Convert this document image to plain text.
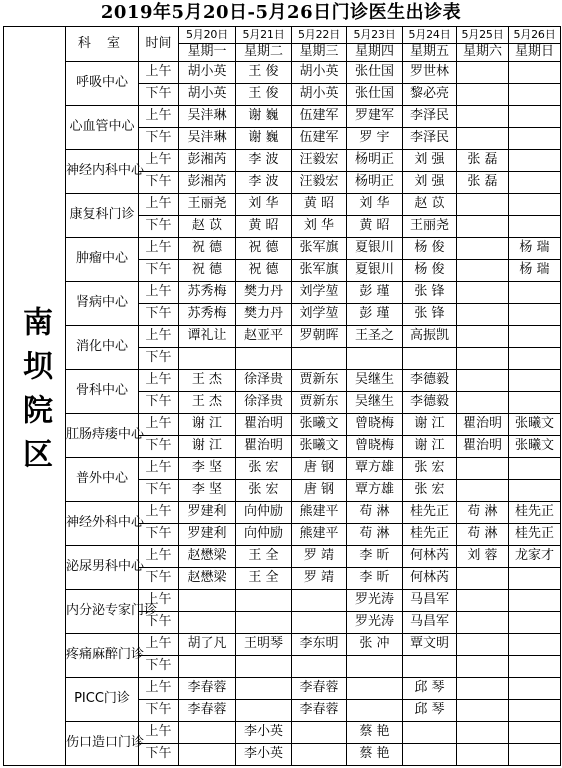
2019年5月20日-5月26日门诊医生出诊表
南坝院区	科 室	时间	5月20日	5月21日	5月22日	5月23日	5月24日	5月25日	5月26日
			星期一	星期二	星期三	星期四	星期五	星期六	星期日
	呼吸中心	上午	胡小英	王 俊	胡小英	张仕国	罗世林		
		下午	胡小英	王 俊	胡小英	张仕国	黎必亮		
	心血管中心	上午	吴沣琳	谢 巍	伍建军	罗建军	李泽民		
		下午	吴沣琳	谢 巍	伍建军	罗 宇	李泽民		
	神经内科中心	上午	彭湘芮	李 波	汪毅宏	杨明正	刘 强	张 磊	
		下午	彭湘芮	李 波	汪毅宏	杨明正	刘 强	张 磊	
	康复科门诊	上午	王丽尧	刘 华	黄 昭	刘 华	赵 苡		
		下午	赵 苡	黄 昭	刘 华	黄 昭	王丽尧		
	肿瘤中心	上午	祝 德	祝 德	张军旗	夏银川	杨 俊		杨 瑞
		下午	祝 德	祝 德	张军旗	夏银川	杨 俊		杨 瑞
	肾病中心	上午	苏秀梅	樊力丹	刘学堃	彭 瑾	张 锋		
		下午	苏秀梅	樊力丹	刘学堃	彭 瑾	张 锋		
	消化中心	上午	谭礼让	赵亚平	罗朝晖	王圣之	高振凯		
		下午							
	骨科中心	上午	王 杰	徐泽贵	贾新东	吴继生	李德毅		
		下午	王 杰	徐泽贵	贾新东	吴继生	李德毅		
	肛肠痔瘘中心	上午	谢 江	瞿治明	张曦文	曾晓梅	谢 江	瞿治明	张曦文
		下午	谢 江	瞿治明	张曦文	曾晓梅	谢 江	瞿治明	张曦文
	普外中心	上午	李 坚	张 宏	唐 钢	覃方雄	张 宏		
		下午	李 坚	张 宏	唐 钢	覃方雄	张 宏		
	神经外科中心	上午	罗建利	向仲励	熊建平	苟 淋	桂先正	苟 淋	桂先正
		下午	罗建利	向仲励	熊建平	苟 淋	桂先正	苟 淋	桂先正
	泌尿男科中心	上午	赵懋梁	王 全	罗 靖	李 昕	何林芮	刘 蓉	龙家才
		下午	赵懋梁	王 全	罗 靖	李 昕	何林芮		
	内分泌专家门诊	上午				罗光涛	马昌军		
		下午				罗光涛	马昌军		
	疼痛麻醉门诊	上午	胡了凡	王明琴	李东明	张 冲	覃文明		
		下午							
	PICC门诊	上午	李春蓉		李春蓉		邱 琴		
		下午	李春蓉		李春蓉		邱 琴		
	伤口造口门诊	上午		李小英		蔡 艳			
		下午		李小英		蔡 艳			
